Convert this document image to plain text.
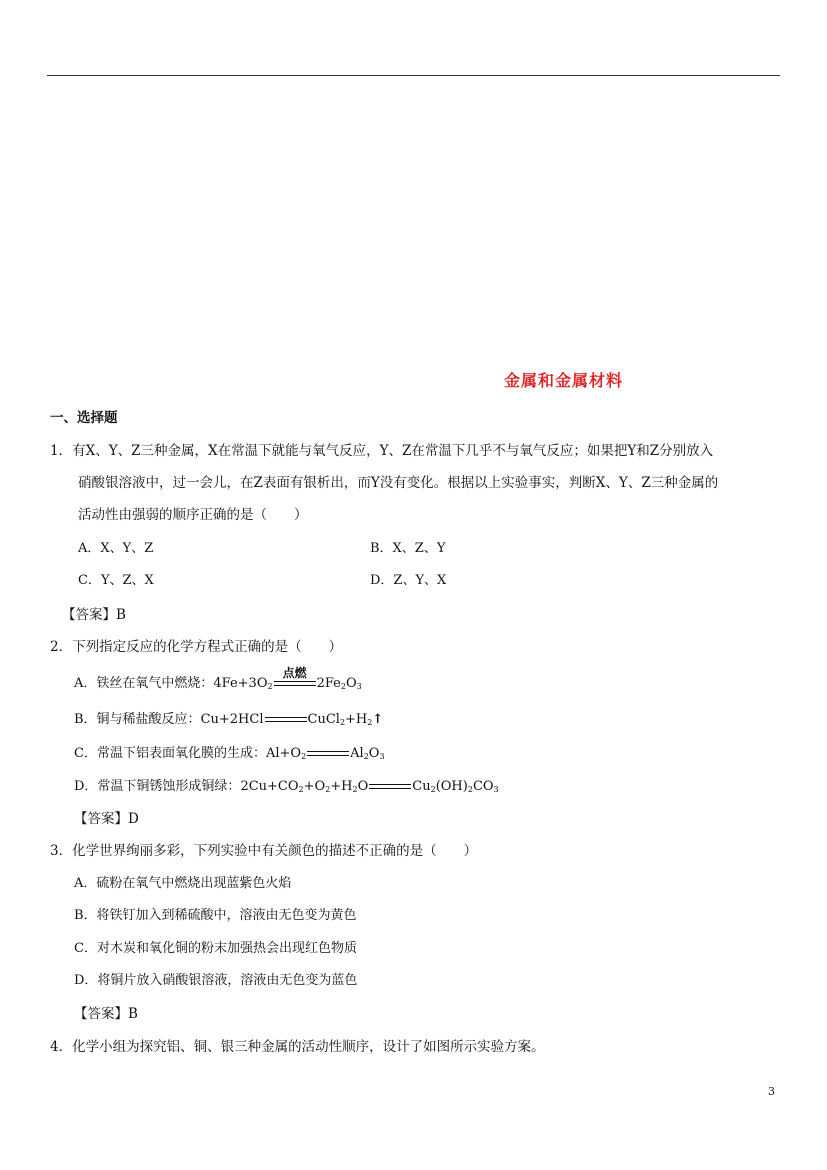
金属和金属材料
一、选择题
1．有X、Y、Z三种金属，X在常温下就能与氧气反应，Y、Z在常温下几乎不与氧气反应；如果把Y和Z分别放入
硝酸银溶液中，过一会儿，在Z表面有银析出，而Y没有变化。根据以上实验事实，判断X、Y、Z三种金属的
活动性由强弱的顺序正确的是（　　）
A．X、Y、Z	B．X、Z、Y
C．Y、Z、X	D．Z、Y、X
【答案】B
2．下列指定反应的化学方程式正确的是（　　）
A．铁丝在氧气中燃烧：$4Fe+3O_2$
点燃
$2Fe_2O_3$
B．铜与稀盐酸反应：Cu+2HCl	$CuCl_2+H_2↑$
C．常温下铝表面氧化膜的生成：$Al+O_2$	$Al_2O_3$
D．常温下铜锈蚀形成铜绿：$2Cu+CO_2+O_2+H_2O$	$Cu_2(OH)_2CO_3$
【答案】D
3．化学世界绚丽多彩，下列实验中有关颜色的描述不正确的是（　　）
A．硫粉在氧气中燃烧出现蓝紫色火焰
B．将铁钉加入到稀硫酸中，溶液由无色变为黄色
C．对木炭和氧化铜的粉末加强热会出现红色物质
D．将铜片放入硝酸银溶液，溶液由无色变为蓝色
【答案】B
4．化学小组为探究铝、铜、银三种金属的活动性顺序，设计了如图所示实验方案。
3
